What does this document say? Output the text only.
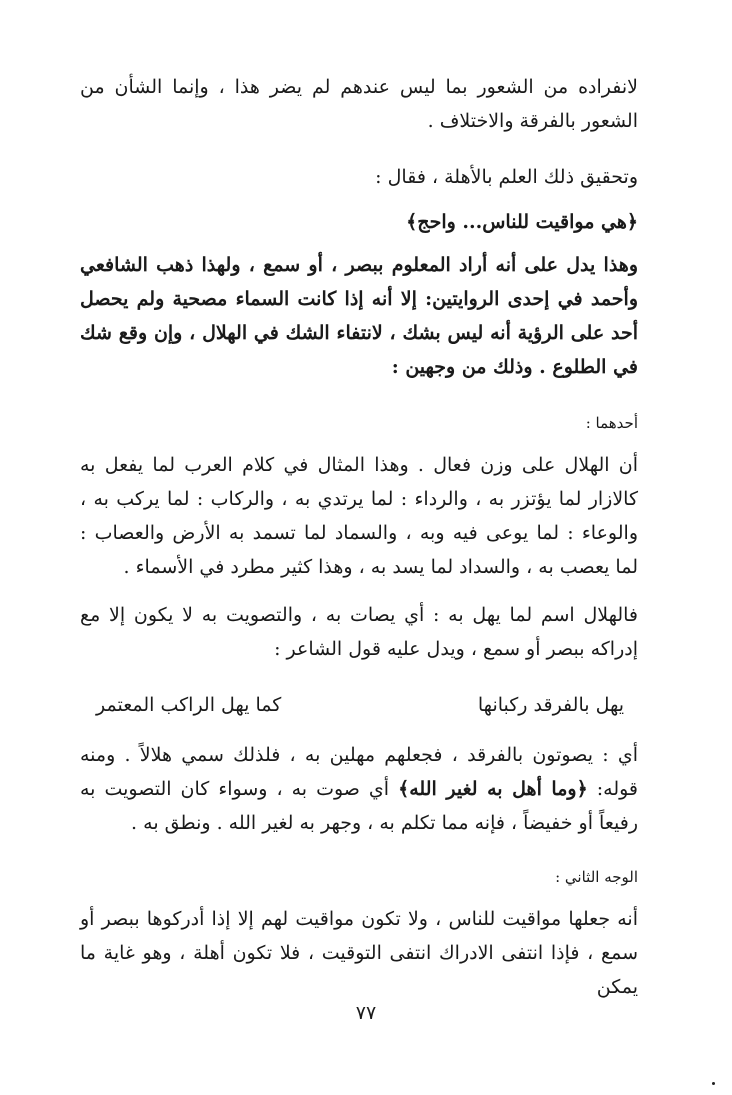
لانفراده من الشعور بما ليس عندهم لم يضر هذا ، وإنما الشأن من الشعور بالفرقة والاختلاف .
وتحقيق ذلك العلم بالأهلة ، فقال :
﴿هي مواقيت للناس... واحج﴾
وهذا يدل على أنه أراد المعلوم ببصر ، أو سمع ، ولهذا ذهب الشافعي وأحمد في إحدى الروايتين: إلا أنه إذا كانت السماء مصحية ولم يحصل أحد على الرؤية أنه ليس بشك ، لانتفاء الشك في الهلال ، وإن وقع شك في الطلوع . وذلك من وجهين :
أحدهما :
أن الهلال على وزن فعال . وهذا المثال في كلام العرب لما يفعل به كالازار لما يؤتزر به ، والرداء : لما يرتدي به ، والركاب : لما يركب به ، والوعاء : لما يوعى فيه وبه ، والسماد لما تسمد به الأرض والعصاب : لما يعصب به ، والسداد لما يسد به ، وهذا كثير مطرد في الأسماء .
فالهلال اسم لما يهل به : أي يصات به ، والتصويت به لا يكون إلا مع إدراكه ببصر أو سمع ، ويدل عليه قول الشاعر :
يهل بالفرقد ركبانها
كما يهل الراكب المعتمر
أي : يصوتون بالفرقد ، فجعلهم مهلين به ، فلذلك سمي هلالاً . ومنه قوله: ﴿وما أهل به لغير الله﴾ أي صوت به ، وسواء كان التصويت به رفيعاً أو خفيضاً ، فإنه مما تكلم به ، وجهر به لغير الله . ونطق به .
الوجه الثاني :
أنه جعلها مواقيت للناس ، ولا تكون مواقيت لهم إلا إذا أدركوها ببصر أو سمع ، فإذا انتفى الادراك انتفى التوقيت ، فلا تكون أهلة ، وهو غاية ما يمكن
٧٧
